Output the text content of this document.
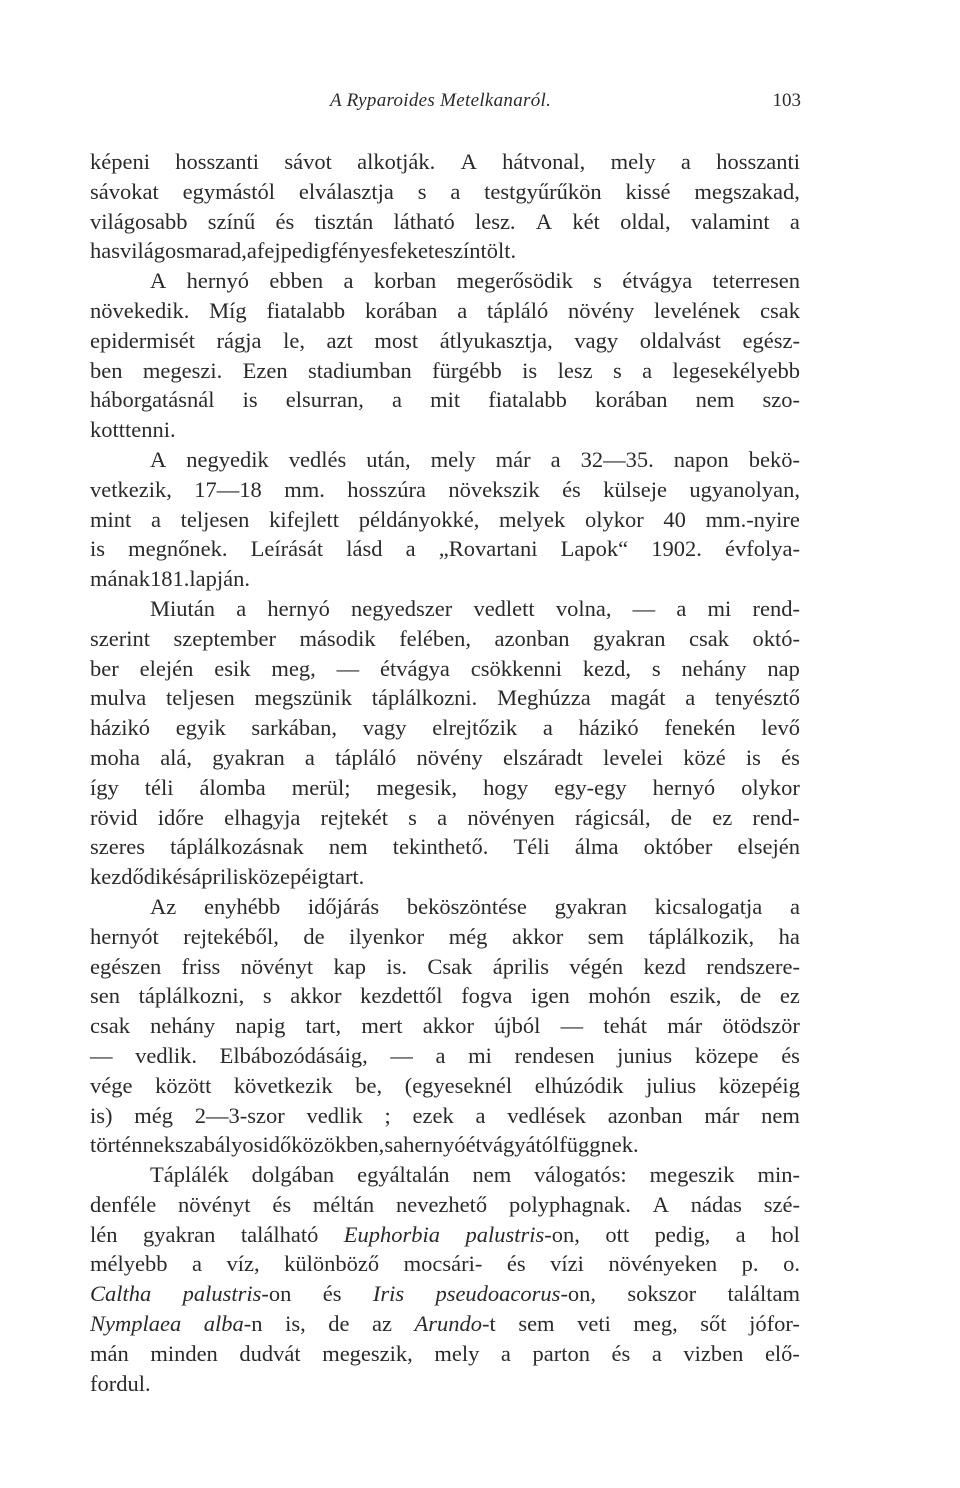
A Ryparoides Metelkanaról.	103
képeni hosszanti sávot alkotják. A hátvonal, mely a hosszanti
sávokat egymástól elválasztja s a testgyűrűkön kissé megszakad,
világosabb színű és tisztán látható lesz. A két oldal, valamint a
has világos marad, a fej pedig fényes fekete színt ölt.
A hernyó ebben a korban megerősödik s étvágya teterresen
növekedik. Míg fiatalabb korában a tápláló növény levelének csak
epidermisét rágja le, azt most átlyukasztja, vagy oldalvást egész-
ben megeszi. Ezen stadiumban fürgébb is lesz s a legesekélyebb
háborgatásnál is elsurran, a mit fiatalabb korában nem szo-
kott tenni.
A negyedik vedlés után, mely már a 32—35. napon bekö-
vetkezik, 17—18 mm. hosszúra növekszik és külseje ugyanolyan,
mint a teljesen kifejlett példányokké, melyek olykor 40 mm.-nyire
is megnőnek. Leírását lásd a „Rovartani Lapok“ 1902. évfolya-
mának 181. lapján.
Miután a hernyó negyedszer vedlett volna, — a mi rend-
szerint szeptember második felében, azonban gyakran csak októ-
ber elején esik meg, — étvágya csökkenni kezd, s nehány nap
mulva teljesen megszünik táplálkozni. Meghúzza magát a tenyésztő
házikó egyik sarkában, vagy elrejtőzik a házikó fenekén levő
moha alá, gyakran a tápláló növény elszáradt levelei közé is és
így téli álomba merül; megesik, hogy egy-egy hernyó olykor
rövid időre elhagyja rejtekét s a növényen rágicsál, de ez rend-
szeres táplálkozásnak nem tekinthető. Téli álma október elsején
kezdődik és április közepéig tart.
Az enyhébb időjárás beköszöntése gyakran kicsalogatja a
hernyót rejtekéből, de ilyenkor még akkor sem táplálkozik, ha
egészen friss növényt kap is. Csak április végén kezd rendszere-
sen táplálkozni, s akkor kezdettől fogva igen mohón eszik, de ez
csak nehány napig tart, mert akkor újból — tehát már ötödször
— vedlik. Elbábozódásáig, — a mi rendesen junius közepe és
vége között következik be, (egyeseknél elhúzódik julius közepéig
is) még 2—3-szor vedlik ; ezek a vedlések azonban már nem
történnek szabályos időközökben, s a hernyó étvágyától függnek.
Táplálék dolgában egyáltalán nem válogatós: megeszik min-
denféle növényt és méltán nevezhető polyphagnak. A nádas szé-
lén gyakran található Euphorbia palustris-on, ott pedig, a hol
mélyebb a víz, különböző mocsári- és vízi növényeken p. o.
Caltha palustris-on és Iris pseudoacorus-on, sokszor találtam
Nymplaea alba-n is, de az Arundo-t sem veti meg, sőt jófor-
mán minden dudvát megeszik, mely a parton és a vizben elő-
fordul.
